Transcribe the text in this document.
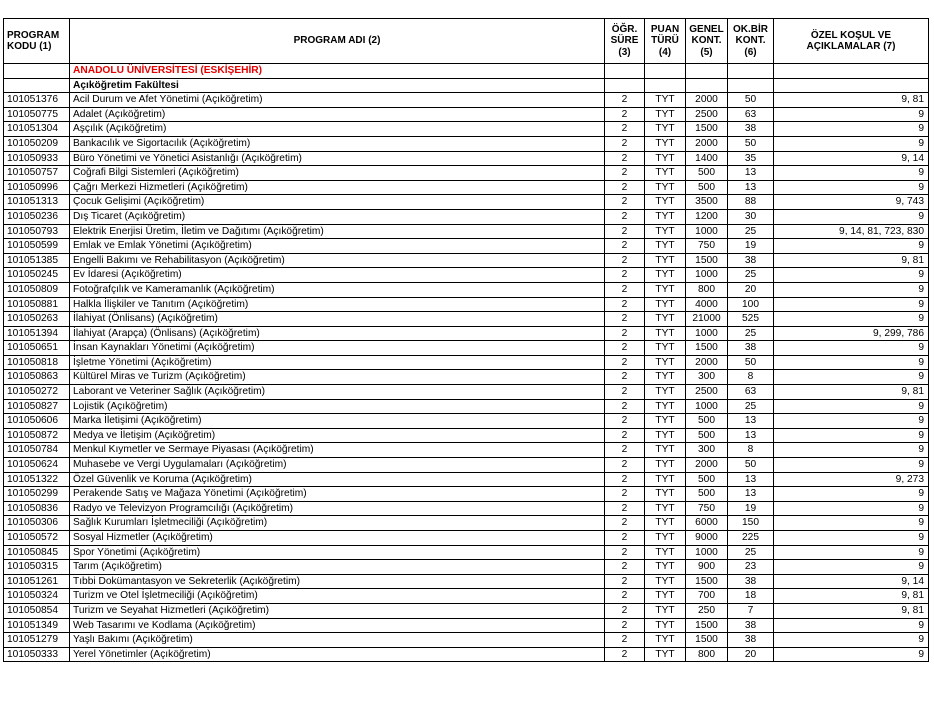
PROGRAM
KODU (1)	PROGRAM ADI (2)	ÖĞR.
SÜRE
(3)	PUAN
TÜRÜ
(4)	GENEL
KONT.
(5)	OK.BİR
KONT.
(6)	ÖZEL KOŞUL VE
AÇIKLAMALAR (7)
	ANADOLU ÜNİVERSİTESİ (ESKİŞEHİR)					
	Açıköğretim Fakültesi					
101051376	Acil Durum ve Afet Yönetimi (Açıköğretim)	2	TYT	2000	50	9, 81
101050775	Adalet (Açıköğretim)	2	TYT	2500	63	9
101051304	Aşçılık (Açıköğretim)	2	TYT	1500	38	9
101050209	Bankacılık ve Sigortacılık (Açıköğretim)	2	TYT	2000	50	9
101050933	Büro Yönetimi ve Yönetici Asistanlığı (Açıköğretim)	2	TYT	1400	35	9, 14
101050757	Coğrafi Bilgi Sistemleri (Açıköğretim)	2	TYT	500	13	9
101050996	Çağrı Merkezi Hizmetleri (Açıköğretim)	2	TYT	500	13	9
101051313	Çocuk Gelişimi (Açıköğretim)	2	TYT	3500	88	9, 743
101050236	Dış Ticaret (Açıköğretim)	2	TYT	1200	30	9
101050793	Elektrik Enerjisi Üretim, İletim ve Dağıtımı (Açıköğretim)	2	TYT	1000	25	9, 14, 81, 723, 830
101050599	Emlak ve Emlak Yönetimi (Açıköğretim)	2	TYT	750	19	9
101051385	Engelli Bakımı ve Rehabilitasyon (Açıköğretim)	2	TYT	1500	38	9, 81
101050245	Ev İdaresi (Açıköğretim)	2	TYT	1000	25	9
101050809	Fotoğrafçılık ve Kameramanlık (Açıköğretim)	2	TYT	800	20	9
101050881	Halkla İlişkiler ve Tanıtım (Açıköğretim)	2	TYT	4000	100	9
101050263	İlahiyat (Önlisans) (Açıköğretim)	2	TYT	21000	525	9
101051394	İlahiyat (Arapça) (Önlisans) (Açıköğretim)	2	TYT	1000	25	9, 299, 786
101050651	İnsan Kaynakları Yönetimi (Açıköğretim)	2	TYT	1500	38	9
101050818	İşletme Yönetimi (Açıköğretim)	2	TYT	2000	50	9
101050863	Kültürel Miras ve Turizm (Açıköğretim)	2	TYT	300	8	9
101050272	Laborant ve Veteriner Sağlık (Açıköğretim)	2	TYT	2500	63	9, 81
101050827	Lojistik (Açıköğretim)	2	TYT	1000	25	9
101050606	Marka İletişimi (Açıköğretim)	2	TYT	500	13	9
101050872	Medya ve İletişim (Açıköğretim)	2	TYT	500	13	9
101050784	Menkul Kıymetler ve Sermaye Piyasası (Açıköğretim)	2	TYT	300	8	9
101050624	Muhasebe ve Vergi Uygulamaları (Açıköğretim)	2	TYT	2000	50	9
101051322	Özel Güvenlik ve Koruma (Açıköğretim)	2	TYT	500	13	9, 273
101050299	Perakende Satış ve Mağaza Yönetimi (Açıköğretim)	2	TYT	500	13	9
101050836	Radyo ve Televizyon Programcılığı (Açıköğretim)	2	TYT	750	19	9
101050306	Sağlık Kurumları İşletmeciliği (Açıköğretim)	2	TYT	6000	150	9
101050572	Sosyal Hizmetler (Açıköğretim)	2	TYT	9000	225	9
101050845	Spor Yönetimi (Açıköğretim)	2	TYT	1000	25	9
101050315	Tarım (Açıköğretim)	2	TYT	900	23	9
101051261	Tıbbi Dokümantasyon ve Sekreterlik (Açıköğretim)	2	TYT	1500	38	9, 14
101050324	Turizm ve Otel İşletmeciliği (Açıköğretim)	2	TYT	700	18	9, 81
101050854	Turizm ve Seyahat Hizmetleri (Açıköğretim)	2	TYT	250	7	9, 81
101051349	Web Tasarımı ve Kodlama (Açıköğretim)	2	TYT	1500	38	9
101051279	Yaşlı Bakımı (Açıköğretim)	2	TYT	1500	38	9
101050333	Yerel Yönetimler (Açıköğretim)	2	TYT	800	20	9
